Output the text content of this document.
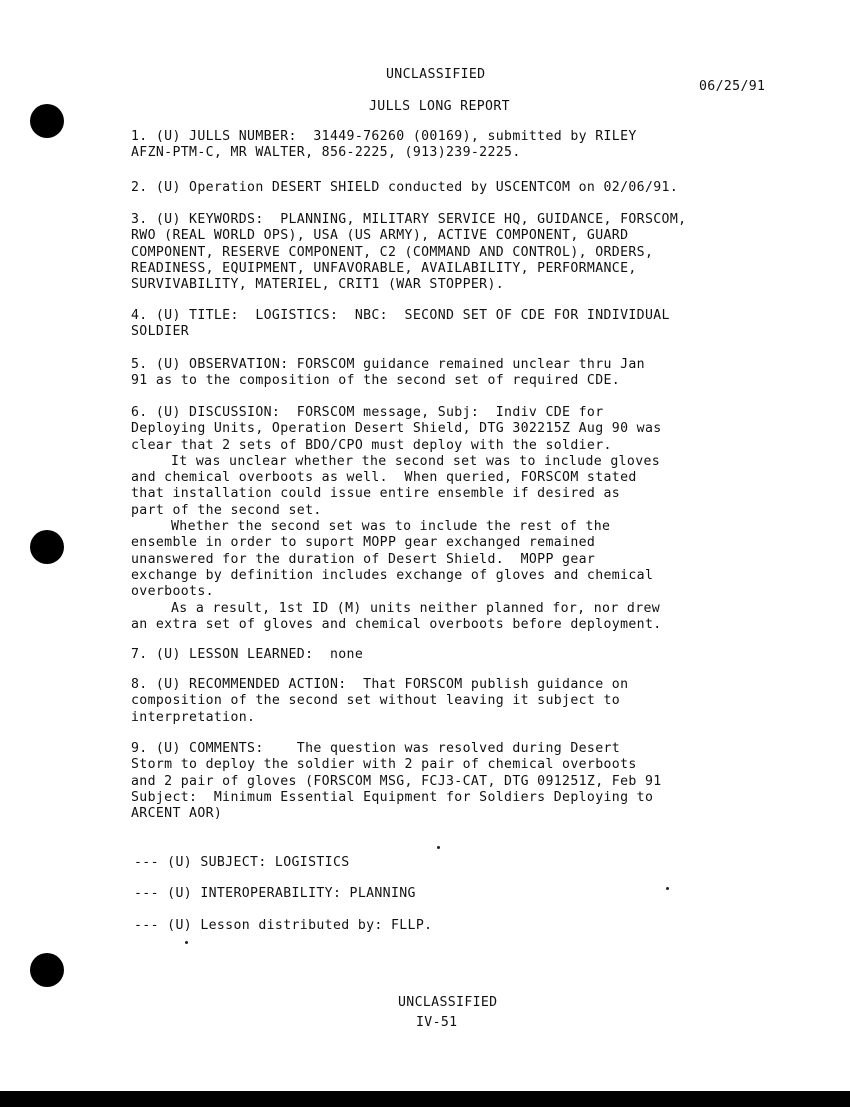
UNCLASSIFIED

06/25/91

JULLS LONG REPORT

1. (U) JULLS NUMBER:  31449-76260 (00169), submitted by RILEY
AFZN-PTM-C, MR WALTER, 856-2225, (913)239-2225.
2. (U) Operation DESERT SHIELD conducted by USCENTCOM on 02/06/91.
3. (U) KEYWORDS:  PLANNING, MILITARY SERVICE HQ, GUIDANCE, FORSCOM,
RWO (REAL WORLD OPS), USA (US ARMY), ACTIVE COMPONENT, GUARD
COMPONENT, RESERVE COMPONENT, C2 (COMMAND AND CONTROL), ORDERS,
READINESS, EQUIPMENT, UNFAVORABLE, AVAILABILITY, PERFORMANCE,
SURVIVABILITY, MATERIEL, CRIT1 (WAR STOPPER).
4. (U) TITLE:  LOGISTICS:  NBC:  SECOND SET OF CDE FOR INDIVIDUAL
SOLDIER
5. (U) OBSERVATION: FORSCOM guidance remained unclear thru Jan
91 as to the composition of the second set of required CDE.
6. (U) DISCUSSION:  FORSCOM message, Subj:  Indiv CDE for
Deploying Units, Operation Desert Shield, DTG 302215Z Aug 90 was
clear that 2 sets of BDO/CPO must deploy with the soldier.
It was unclear whether the second set was to include gloves
and chemical overboots as well.  When queried, FORSCOM stated
that installation could issue entire ensemble if desired as
part of the second set.
Whether the second set was to include the rest of the
ensemble in order to suport MOPP gear exchanged remained
unanswered for the duration of Desert Shield.  MOPP gear
exchange by definition includes exchange of gloves and chemical
overboots.
As a result, 1st ID (M) units neither planned for, nor drew
an extra set of gloves and chemical overboots before deployment.
7. (U) LESSON LEARNED:  none
8. (U) RECOMMENDED ACTION:  That FORSCOM publish guidance on
composition of the second set without leaving it subject to
interpretation.
9. (U) COMMENTS:    The question was resolved during Desert
Storm to deploy the soldier with 2 pair of chemical overboots
and 2 pair of gloves (FORSCOM MSG, FCJ3-CAT, DTG 091251Z, Feb 91
Subject:  Minimum Essential Equipment for Soldiers Deploying to
ARCENT AOR)

--- (U) SUBJECT: LOGISTICS

--- (U) INTEROPERABILITY: PLANNING

--- (U) Lesson distributed by: FLLP.

UNCLASSIFIED

IV-51
